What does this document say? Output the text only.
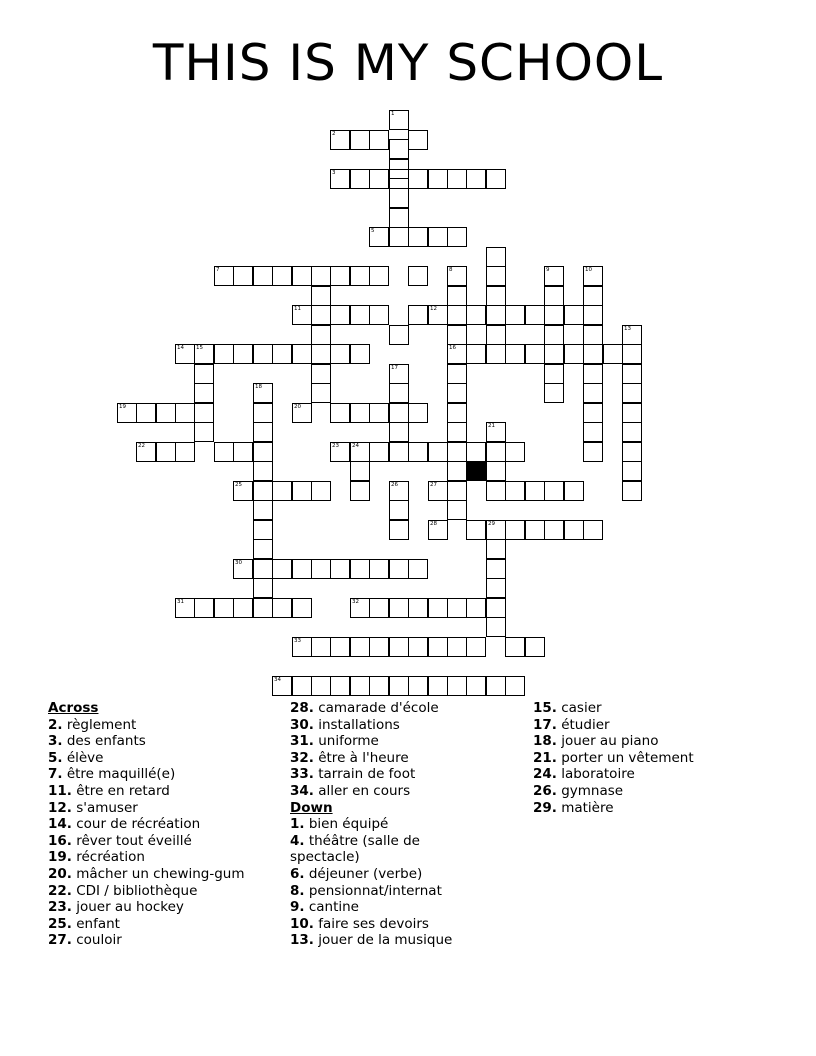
THIS IS MY SCHOOL
1
2
3
5
7	8
16
9	10
11	12
13
14 15
17
18
19	20
21
22	23 24
25	26	27
28	29
30
31	32
33
34
Across
2. règlement
3. des enfants
5. élève
7. être maquillé(e)
11. être en retard
12. s'amuser
14. cour de récréation
16. rêver tout éveillé
19. récréation
20. mâcher un chewing-gum
22. CDI / bibliothèque
23. jouer au hockey
25. enfant
27. couloir
28. camarade d'école
30. installations
31. uniforme
32. être à l'heure
33. tarrain de foot
34. aller en cours
Down
1. bien équipé
4. théâtre (salle de spectacle)
6. déjeuner (verbe)
8. pensionnat/internat
9. cantine
10. faire ses devoirs
13. jouer de la musique
15. casier
17. étudier
18. jouer au piano
21. porter un vêtement
24. laboratoire
26. gymnase
29. matière
